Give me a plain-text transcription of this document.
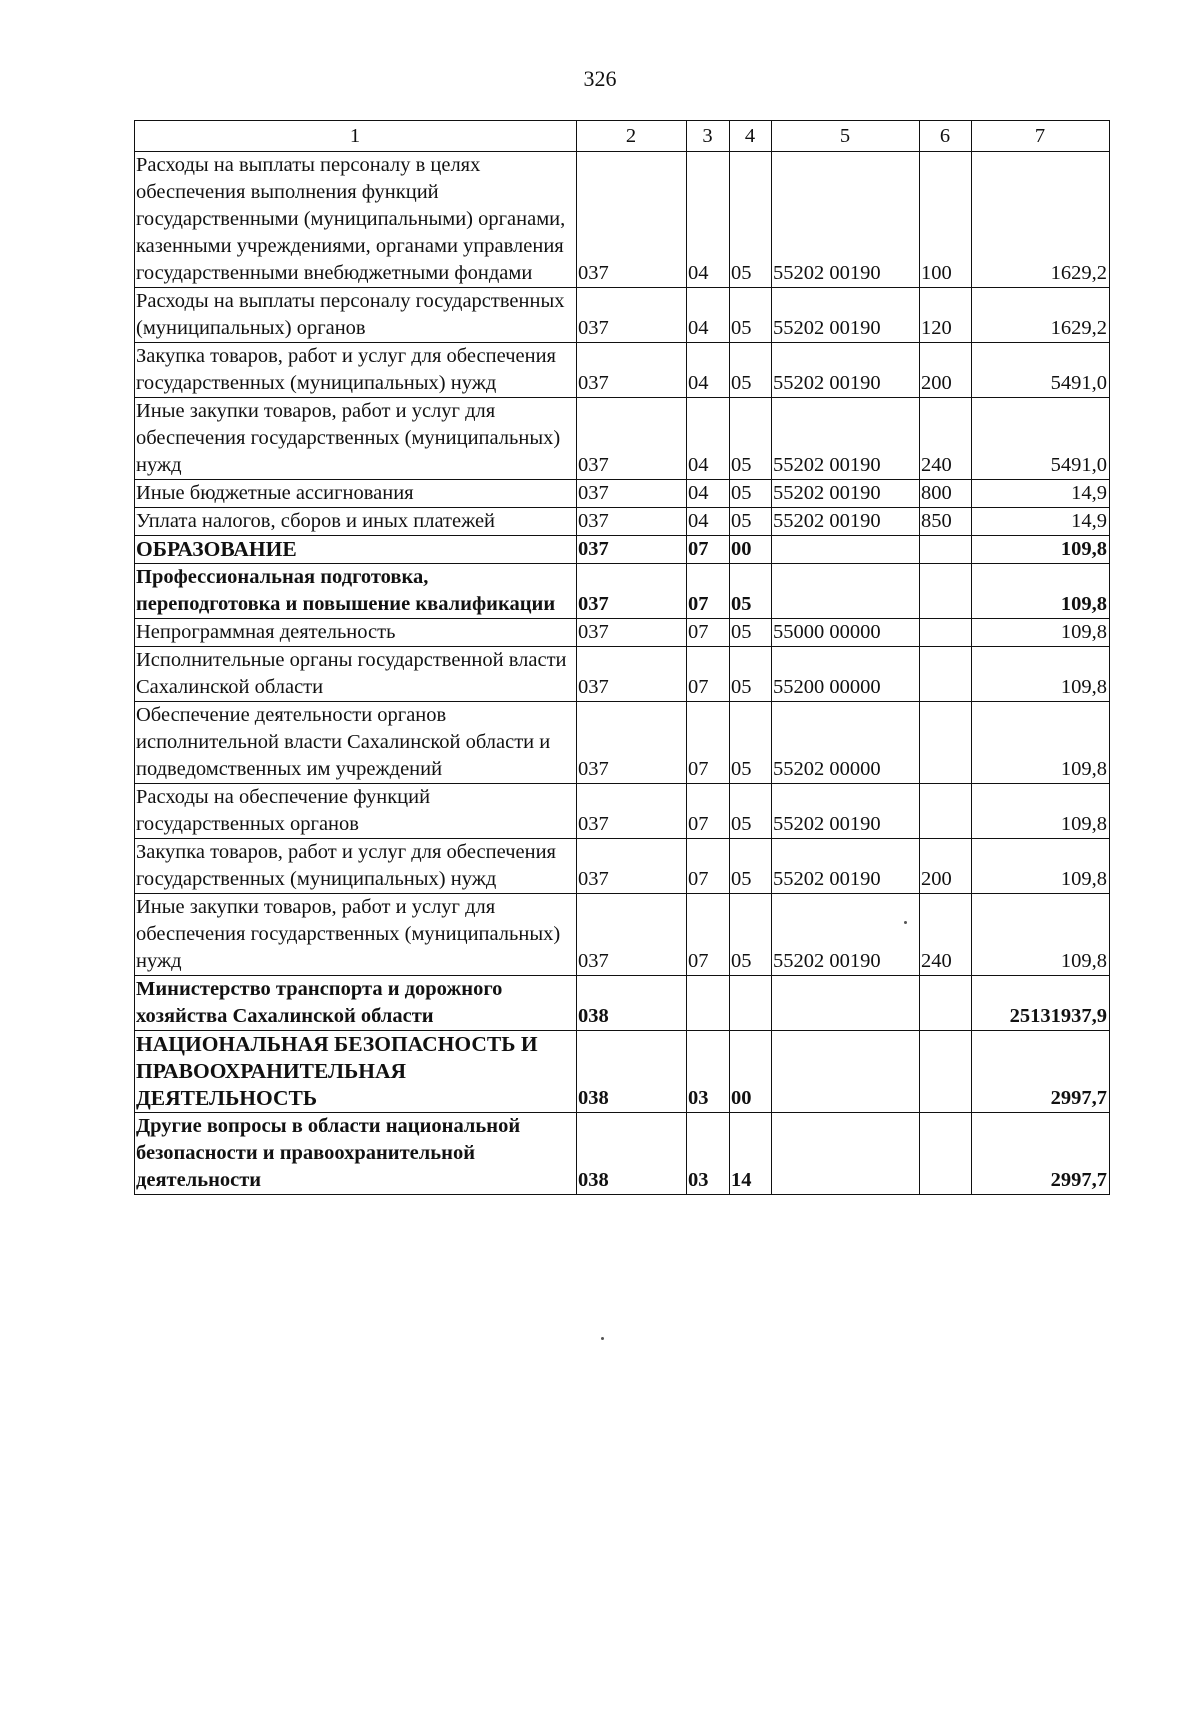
326
1	2	3	4	5	6	7
Расходы на выплаты персоналу в целях обеспечения выполнения функций государственными (муниципальными) органами, казенными учреждениями, органами управления государственными внебюджетными фондами	037	04	05	55202 00190	100	1629,2
Расходы на выплаты персоналу государственных (муниципальных) органов	037	04	05	55202 00190	120	1629,2
Закупка товаров, работ и услуг для обеспечения государственных (муниципальных) нужд	037	04	05	55202 00190	200	5491,0
Иные закупки товаров, работ и услуг для обеспечения государственных (муниципальных) нужд	037	04	05	55202 00190	240	5491,0
Иные бюджетные ассигнования	037	04	05	55202 00190	800	14,9
Уплата налогов, сборов и иных платежей	037	04	05	55202 00190	850	14,9
ОБРАЗОВАНИЕ	037	07	00			109,8
Профессиональная подготовка, переподготовка и повышение квалификации	037	07	05			109,8
Непрограммная деятельность	037	07	05	55000 00000		109,8
Исполнительные органы государственной власти Сахалинской области	037	07	05	55200 00000		109,8
Обеспечение деятельности органов исполнительной власти Сахалинской области и подведомственных им учреждений	037	07	05	55202 00000		109,8
Расходы на обеспечение функций государственных органов	037	07	05	55202 00190		109,8
Закупка товаров, работ и услуг для обеспечения государственных (муниципальных) нужд	037	07	05	55202 00190	200	109,8
Иные закупки товаров, работ и услуг для обеспечения государственных (муниципальных) нужд	037	07	05	55202 00190	240	109,8
Министерство транспорта и дорожного хозяйства Сахалинской области	038					25131937,9
НАЦИОНАЛЬНАЯ БЕЗОПАСНОСТЬ И ПРАВООХРАНИТЕЛЬНАЯ ДЕЯТЕЛЬНОСТЬ	038	03	00			2997,7
Другие вопросы в области национальной безопасности и правоохранительной деятельности	038	03	14			2997,7
